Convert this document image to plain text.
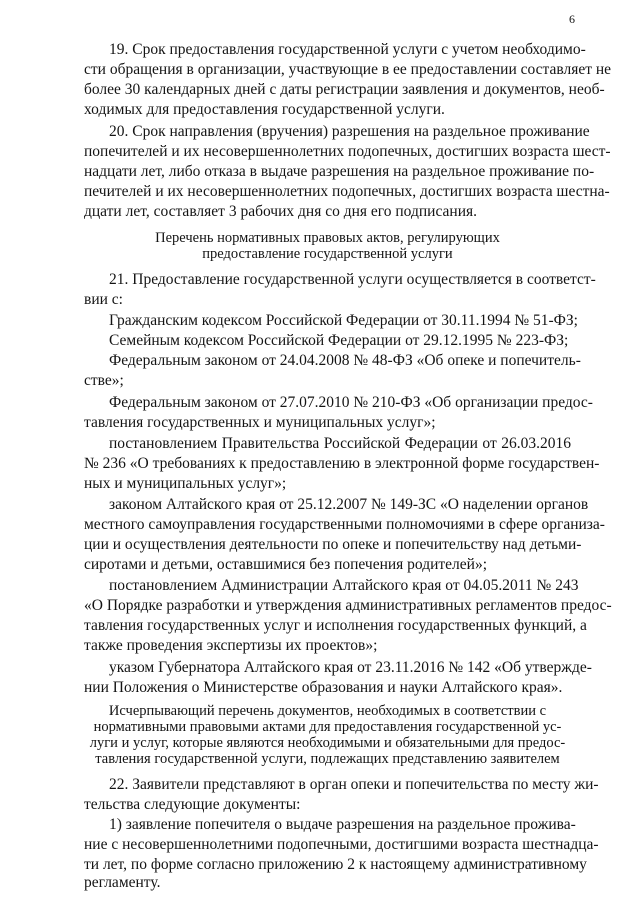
6
19. Срок предоставления государственной услуги с учетом необходимо-
сти обращения в организации, участвующие в ее предоставлении составляет не
более 30 календарных дней с даты регистрации заявления и документов, необ-
ходимых для предоставления государственной услуги.
20. Срок направления (вручения) разрешения на раздельное проживание
попечителей и их несовершеннолетних подопечных, достигших возраста шест-
надцати лет, либо отказа в выдаче разрешения на раздельное проживание по-
печителей и их несовершеннолетних подопечных, достигших возраста шестна-
дцати лет, составляет 3 рабочих дня со дня его подписания.
Перечень нормативных правовых актов, регулирующих
предоставление государственной услуги
21. Предоставление государственной услуги осуществляется в соответст-
вии с:
Гражданским кодексом Российской Федерации от 30.11.1994 № 51-ФЗ;
Семейным кодексом Российской Федерации от 29.12.1995 № 223-ФЗ;
Федеральным законом от 24.04.2008 № 48-ФЗ «Об опеке и попечитель-
стве»;
Федеральным законом от 27.07.2010 № 210-ФЗ «Об организации предос-
тавления государственных и муниципальных услуг»;
постановлением Правительства Российской Федерации от 26.03.2016
№ 236 «О требованиях к предоставлению в электронной форме государствен-
ных и муниципальных услуг»;
законом Алтайского края от 25.12.2007 № 149-ЗС «О наделении органов
местного самоуправления государственными полномочиями в сфере организа-
ции и осуществления деятельности по опеке и попечительству над детьми-
сиротами и детьми, оставшимися без попечения родителей»;
постановлением Администрации Алтайского края от 04.05.2011 № 243
«О Порядке разработки и утверждения административных регламентов предос-
тавления государственных услуг и исполнения государственных функций, а
также проведения экспертизы их проектов»;
указом Губернатора Алтайского края от 23.11.2016 № 142 «Об утвержде-
нии Положения о Министерстве образования и науки Алтайского края».
Исчерпывающий перечень документов, необходимых в соответствии с
нормативными правовыми актами для предоставления государственной ус-
луги и услуг, которые являются необходимыми и обязательными для предос-
тавления государственной услуги, подлежащих представлению заявителем
22. Заявители представляют в орган опеки и попечительства по месту жи-
тельства следующие документы:
1) заявление попечителя о выдаче разрешения на раздельное прожива-
ние с несовершеннолетними подопечными, достигшими возраста шестнадца-
ти лет, по форме согласно приложению 2 к настоящему административному
регламенту.
